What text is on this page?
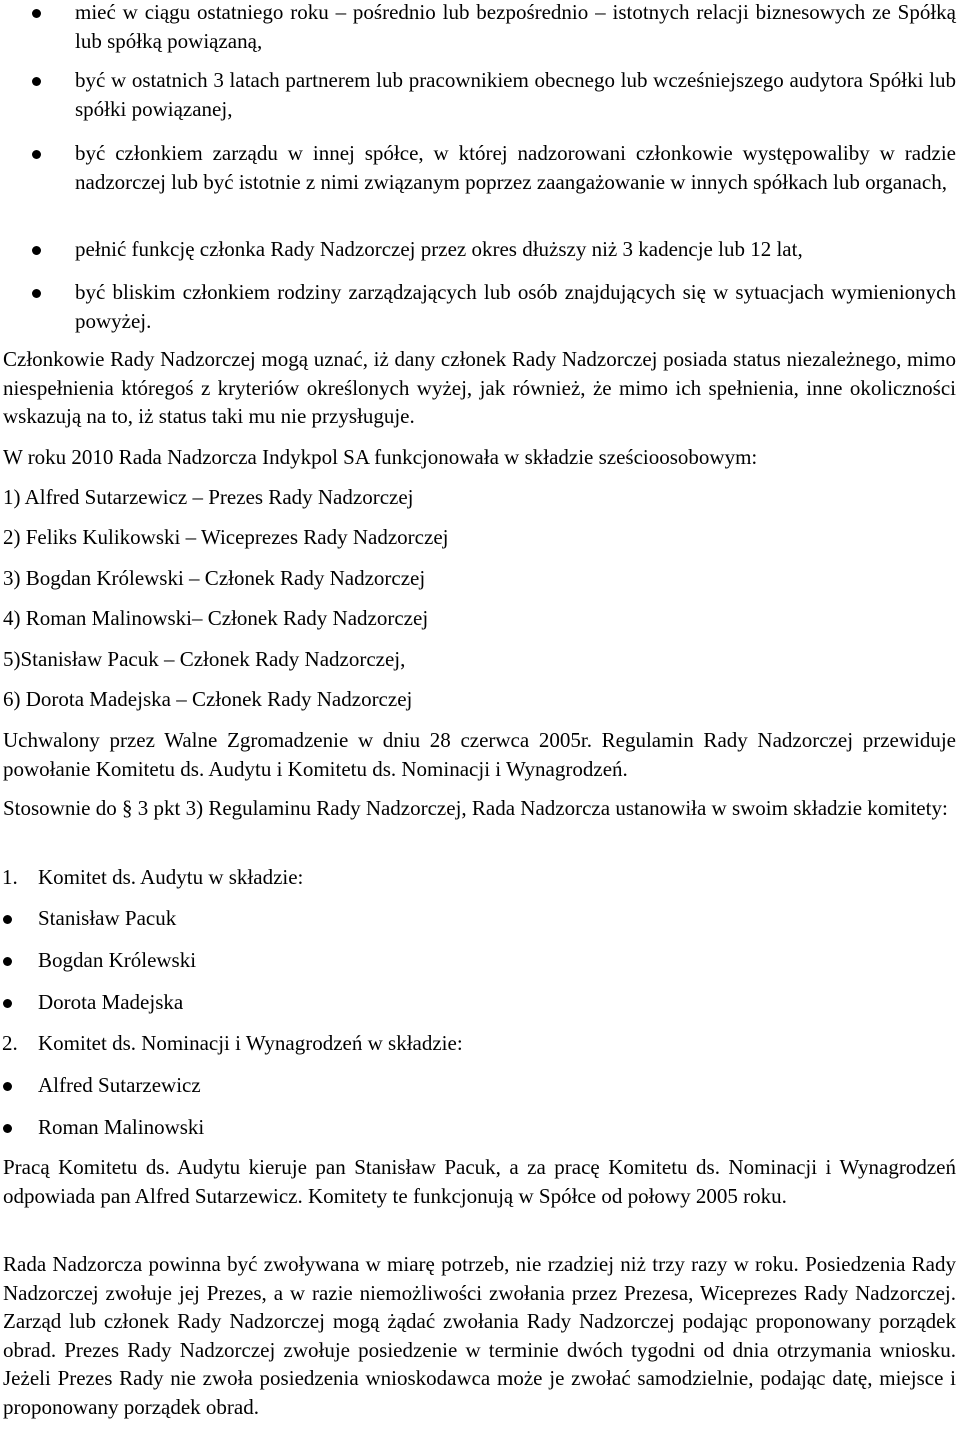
mieć w ciągu ostatniego roku – pośrednio lub bezpośrednio – istotnych relacji biznesowych ze Spółką lub spółką powiązaną,

być w ostatnich 3 latach partnerem lub pracownikiem obecnego lub wcześniejszego audytora Spółki lub spółki powiązanej,

być członkiem zarządu w innej spółce, w której nadzorowani członkowie występowaliby w radzie nadzorczej lub być istotnie z nimi związanym poprzez zaangażowanie w innych spółkach lub organach,

pełnić funkcję członka Rady Nadzorczej przez okres dłuższy niż 3 kadencje lub 12 lat,

być bliskim członkiem rodziny zarządzających lub osób znajdujących się w sytuacjach wymienionych powyżej.

Członkowie Rady Nadzorczej mogą uznać, iż dany członek Rady Nadzorczej posiada status niezależnego, mimo niespełnienia któregoś z kryteriów określonych wyżej, jak również, że mimo ich spełnienia, inne okoliczności wskazują na to, iż status taki mu nie przysługuje.

W roku 2010 Rada Nadzorcza Indykpol SA funkcjonowała w składzie sześcioosobowym:

1) Alfred Sutarzewicz – Prezes Rady Nadzorczej

2) Feliks Kulikowski – Wiceprezes Rady Nadzorczej

3) Bogdan Królewski – Członek Rady Nadzorczej

4) Roman Malinowski– Członek Rady Nadzorczej

5)Stanisław Pacuk – Członek Rady Nadzorczej,

6) Dorota Madejska – Członek Rady Nadzorczej

Uchwalony przez Walne Zgromadzenie w dniu 28 czerwca 2005r. Regulamin Rady Nadzorczej przewiduje powołanie Komitetu ds. Audytu i Komitetu ds. Nominacji i Wynagrodzeń.

Stosownie do § 3 pkt 3) Regulaminu Rady Nadzorczej, Rada Nadzorcza ustanowiła w swoim składzie komitety:

1. Komitet ds. Audytu w składzie:

Stanisław Pacuk

Bogdan Królewski

Dorota Madejska

2. Komitet ds. Nominacji i Wynagrodzeń w składzie:

Alfred Sutarzewicz

Roman Malinowski

Pracą Komitetu ds. Audytu kieruje pan Stanisław Pacuk, a za pracę Komitetu ds. Nominacji i Wynagrodzeń odpowiada pan Alfred Sutarzewicz. Komitety te funkcjonują w Spółce od połowy 2005 roku.

Rada Nadzorcza powinna być zwoływana w miarę potrzeb, nie rzadziej niż trzy razy w roku. Posiedzenia Rady Nadzorczej zwołuje jej Prezes, a w razie niemożliwości zwołania przez Prezesa, Wiceprezes Rady Nadzorczej. Zarząd lub członek Rady Nadzorczej mogą żądać zwołania Rady Nadzorczej podając proponowany porządek obrad. Prezes Rady Nadzorczej zwołuje posiedzenie w terminie dwóch tygodni od dnia otrzymania wniosku. Jeżeli Prezes Rady nie zwoła posiedzenia wnioskodawca może je zwołać samodzielnie, podając datę, miejsce i proponowany porządek obrad.
